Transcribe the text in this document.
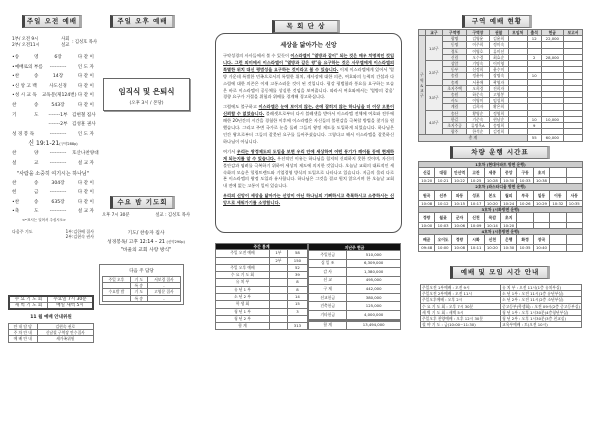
주일 오전 예배
1부/ 오전 9시
2부/ 오전11시
사회 설교
: 김성호 목사
•송	영	6장	다 같 이
•예배로의 부름	----------	인 도 자
•찬	송	14장	다 같 이
•신 앙 고 백	사도신경	다 같 이
•성 시 교 독 교독문(제124번) 다 같 이
찬	송	543장	다 같 이
기	도	-------1부 김현철 집사
-------2부 김성훈 권사
성 경 봉 독	----------	인 도 자
신 19:1-21(구약288p)
찬	양	----------	호산나찬양대
설	교	----------	설 교 자
"사람을 소중히 여기시는 하나님"
찬	송	304장	다 같 이
헌	금	----------	다 같 이
•찬	송	635장	다 같 이
•축	도	----------	설 교 자
<•표시는 일어서 주십시오>
다음주 기도	1부:김한배 집사
2부:김현숙 권사
수 요 기 도 회	수요일 7시 30분
새 벽 기 도 회	매일 새벽 5시
11 월 예배 안내위원
안 내 담 당	김현숙 권로
주 차 안 내	신남철 구역장 안수집사
예 배 안 내	새가족위원
주일 오후 예배
임직식 및 은퇴식
(오후 3시 / 본당)
수요 밤 기도회
오후 7시 30분	설교 : 김성호 목사
기도/ 찬송자 집사
성경봉독/ 고후 12:14 – 21 (신약290p)
"바울의 교회 사랑 방식"
다음 주 담당
주일 오후	기 도	서보경 집사
	특 송	-
수요밤 밤	기 도	고영문 집사
	특 송	-
목 회 단 상
세상을 닮아가는 신앙

구약성경의 사사들에서 볼 수 있듯이 이스라엘이 "열방과 같이" 되는 것은 매우 치명적인 것입니다. 그런 의미에서 이스라엘이 "열방과 같은 왕"을 요구하는 것은 사무엘에게 이스라엘의 특별한 위치 대신 평범성을 요구하는 것이라고 볼 수 있습니다. 이제 이스라엘에게 있어서 '열방 가운데 특별한 민족으로서의 특별한 위치, 제사장에 대한 의존, 여호와의 능력의 간섭과 다스림에 대한 의존은 이제 고통스러운 것이 된 것입니다. 평강 평범함과 풍요를 요구하는 모습은 바로 이스라엘이 공동체를 상실한 것임을 보여줍니다. 따라서 여호와께서는 '열방의 같음' 경향 요구가 거절을 위험과 위배를 경계해 경고하십니다.

그럼에도 불구하고 이스라엘은 눈에 보이지 않는, 손에 잡히지 않는 하나님을 더 이상 오롯이 신뢰할 수 없었습니다. 블레셋으로부터 다시 블레셋을 받아서 이스라엘 전체에 여호와 전투에 패한 20년간의 시간을 경험한 이후에 이스라엘은 자신들의 불편감을 극복할 방법을 찾기를 원했습니다. 그리고 주변 국가로 눈을 돌려 그들의 왕정 제도를 도입하게 되었습니다. 하나님은 인간 왕으로부터 그들의 잘못된 요구를 들어주셨습니다. 그렇다고 해서 이스라엘을 잘못하신 하나님이 아닙니다.

여기서 우리는 왕정제도의 도입을 보면 우리 안에 세상하여 어떤 동기가 깨어들 등에 현재하게 되는지를 알 수 있습니다. 우선적인 이유는 하나님을 철저히 신뢰하지 못한 것이며, 자신의 불안감과 염려를 극복하기 위하여 세상의 제도에 의지한 것입니다. 오늘날 교회의 대표적인 세속화의 모습은 힐링트렌드와 기업경영 방식의 도입으로 나타나고 있습니다. 지금의 물리 다로본 이스라엘의 왕정 도입과 유사합니다. 하나님은 그것을 결코 원치 않으시며 한 오늘날 교회 내 전에 없는 고통이 일어 있습니다.

우리의 신앙이 세상을 닮아가는 신앙이 아닌 하나님의 기뻐하시고 축복하시고 소중하시는 신앙으로 세워가기를 소망합니다.

주간 통계		
주일 오전 예배	1부	58
	2부	150
주일 오후 예배		52
수 요 기 도 회		39
유 치 부		8
유 년 1 부		8
소 년 2 부		14
학 생 회		15
청 년 1 부		3
청 년 2 부		
합 계		313
지난주 헌금	
주일헌금	510,000
십 일 조	6,309,000
감 사	1,380,000
선 교	495,000
구 제	442,000
선교헌금	380,000
건축헌금	125,000
기타헌금	4,000,000

합 계	13,494,000
구역 예배 현황
	교구	구역명	구역장	권찰	모임처	출석	헌금	보고서
구역 & 교구	1교구	광명	김영윤	김윤희		12	22,000	
		동명	이주희	정미숙				
		경포	이영호	류미선				
		신림	오수경	최효순		2	28,000	
	2교구	상암	기명숙	이미영				
		동부	신정희	윤수미				
		송림	정윤아	장명숙		10		
		송계	서용애	곽영자				
	3교구	초지주택	오희경	진희자				
		송원	하문숙	고영봉				
		사도	이영미	임성희				
		계림	김희자	황은희				
	4교구	송산	황영순	정영희				
		한길	기준숙	현남순		10	10,000	
		초지주공	류명옥A	송명희		9		
		광주	한석순	김정희				
총 계						55	60,000	
차량 운행 시간표
1호차 (현대아파트 방면 운행)									
신길	대림	안산역	고잔	세종	중앙	구동	초지		
10:20	10:21	10:22	10:25	10:28	10:30	10:33	10:38		
2호차 (와스타디움 방면 운행)									
원곡	선부	와동	성포	본오	월피	부곡	일동	이동	사동
10:08	10:12	10:15	10:17	10:20	10:24	10:26	10:29	10:32	10:35
3호차 (시화방면 운행)									
정왕	월곶	군자	신천	목감	초지				
10:00	10:03	10:06	10:09	10:14	10:20				
4호차 (시흥방면 운행)									
배곧	오이도	정왕	시화	신천	은행	화정	장곡		
09:48	10:00	10:08	10:11	10:20	10:30	10:35	10:40		
예배 및 모임 시간 안내
주일오전 1부예배 : 오전 9시	유 치 부 : 오전 11시(1층 유치부실)
주일오전 2부예배 : 오전 11시	소 년 1부 : 오전 11시(1층 유년부실)
주일오후예배 : 오후 2시	소 년 2부 : 오전 11시(2층 소년부실)
수 요 기 도 회 : 오후 7시 30분	중고등부(학생회) : 오전 09시(2층 중고등부실)
새 벽 기 도 회 : 새벽 5시	청 년 1부 : 오후 1시30분(4층청년부실)
주일오후 찬양예배 : 오후 12시 30분	청 년 2부 : 오후 1시30분(3층 친교실)
철 야 기 도 : 금(10:00~11:30)	교육부예배 : 토(오전 10시)
